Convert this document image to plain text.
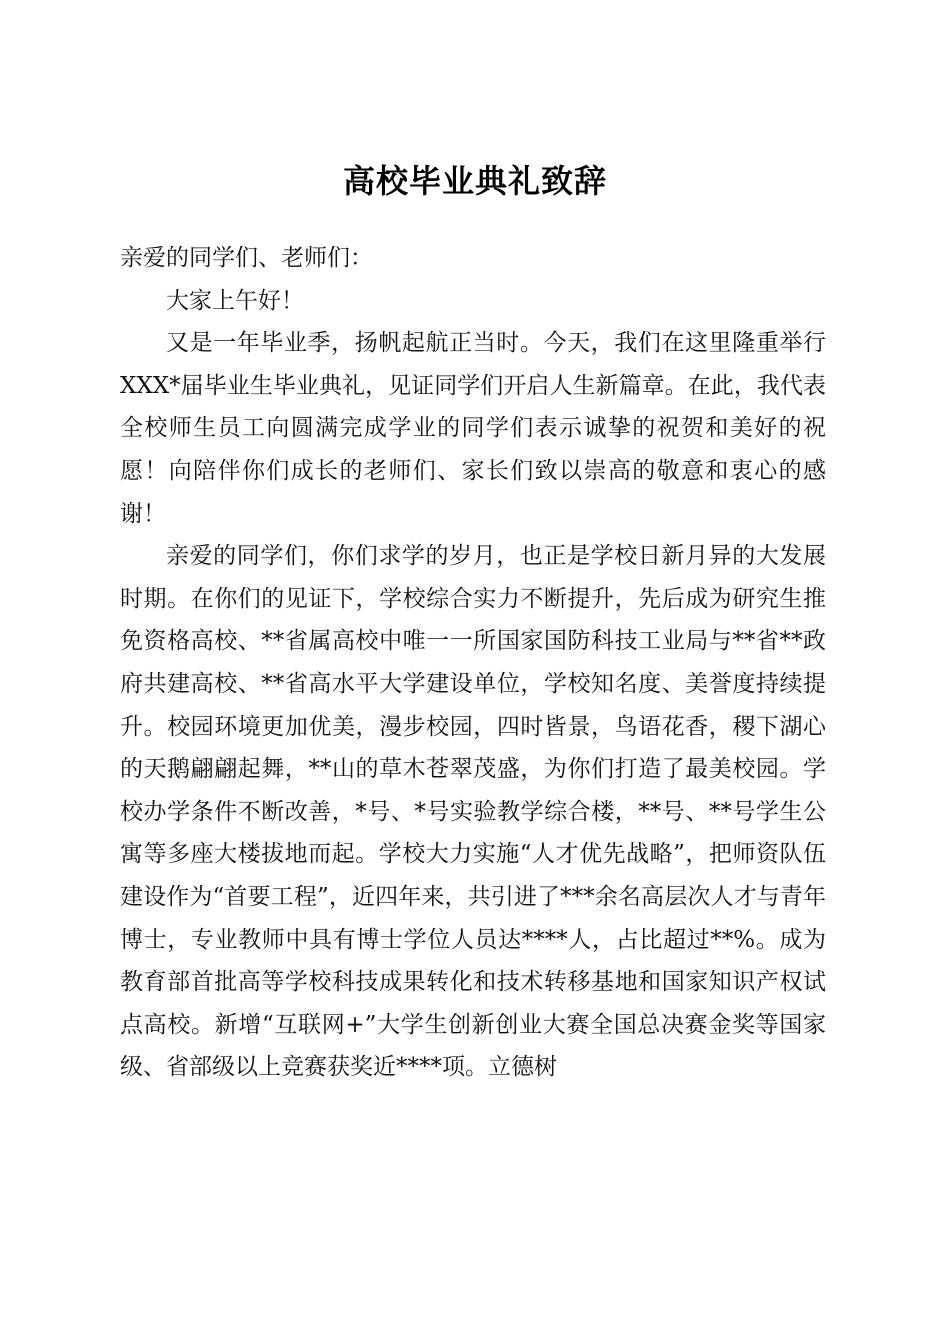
高校毕业典礼致辞

亲爱的同学们、老师们：

大家上午好！

又是一年毕业季，扬帆起航正当时。今天，我们在这里隆重举行XXX*届毕业生毕业典礼，见证同学们开启人生新篇章。在此，我代表全校师生员工向圆满完成学业的同学们表示诚挚的祝贺和美好的祝愿！向陪伴你们成长的老师们、家长们致以崇高的敬意和衷心的感谢！

亲爱的同学们，你们求学的岁月，也正是学校日新月异的大发展时期。在你们的见证下，学校综合实力不断提升，先后成为研究生推免资格高校、**省属高校中唯一一所国家国防科技工业局与**省**政府共建高校、**省高水平大学建设单位，学校知名度、美誉度持续提升。校园环境更加优美，漫步校园，四时皆景，鸟语花香，稷下湖心的天鹅翩翩起舞，**山的草木苍翠茂盛，为你们打造了最美校园。学校办学条件不断改善，*号、*号实验教学综合楼，**号、**号学生公寓等多座大楼拔地而起。学校大力实施“人才优先战略”，把师资队伍建设作为“首要工程”，近四年来，共引进了***余名高层次人才与青年博士，专业教师中具有博士学位人员达****人，占比超过**%。成为教育部首批高等学校科技成果转化和技术转移基地和国家知识产权试点高校。新增“互联网+”大学生创新创业大赛全国总决赛金奖等国家级、省部级以上竞赛获奖近****项。立德树
